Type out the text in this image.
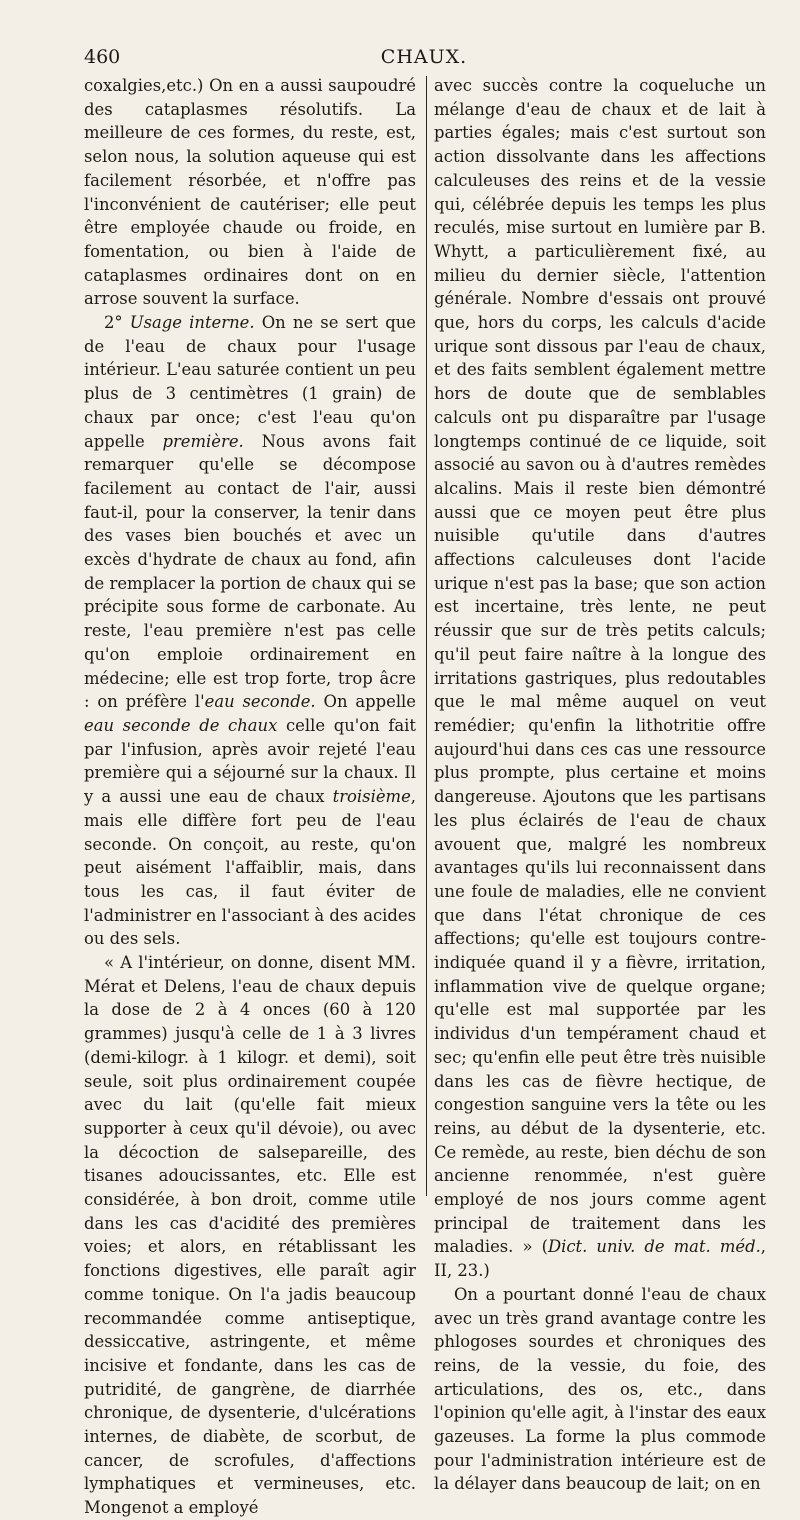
460	CHAUX.

coxalgies,etc.) On en a aussi saupoudré des cataplasmes résolutifs. La meilleure de ces formes, du reste, est, selon nous, la solution aqueuse qui est facilement résorbée, et n'offre pas l'inconvénient de cautériser; elle peut être employée chaude ou froide, en fomentation, ou bien à l'aide de cataplasmes ordinaires dont on en arrose souvent la surface.

2° Usage interne. On ne se sert que de l'eau de chaux pour l'usage intérieur. L'eau saturée contient un peu plus de 3 centimètres (1 grain) de chaux par once; c'est l'eau qu'on appelle première. Nous avons fait remarquer qu'elle se décompose facilement au contact de l'air, aussi faut-il, pour la conserver, la tenir dans des vases bien bouchés et avec un excès d'hydrate de chaux au fond, afin de remplacer la portion de chaux qui se précipite sous forme de carbonate. Au reste, l'eau première n'est pas celle qu'on emploie ordinairement en médecine; elle est trop forte, trop âcre : on préfère l'eau seconde. On appelle eau seconde de chaux celle qu'on fait par l'infusion, après avoir rejeté l'eau première qui a séjourné sur la chaux. Il y a aussi une eau de chaux troisième, mais elle diffère fort peu de l'eau seconde. On conçoit, au reste, qu'on peut aisément l'affaiblir, mais, dans tous les cas, il faut éviter de l'administrer en l'associant à des acides ou des sels.

« A l'intérieur, on donne, disent MM. Mérat et Delens, l'eau de chaux depuis la dose de 2 à 4 onces (60 à 120 grammes) jusqu'à celle de 1 à 3 livres (demi-kilogr. à 1 kilogr. et demi), soit seule, soit plus ordinairement coupée avec du lait (qu'elle fait mieux supporter à ceux qu'il dévoie), ou avec la décoction de salsepareille, des tisanes adoucissantes, etc. Elle est considérée, à bon droit, comme utile dans les cas d'acidité des premières voies; et alors, en rétablissant les fonctions digestives, elle paraît agir comme tonique. On l'a jadis beaucoup recommandée comme antiseptique, dessiccative, astringente, et même incisive et fondante, dans les cas de putridité, de gangrène, de diarrhée chronique, de dysenterie, d'ulcérations internes, de diabète, de scorbut, de cancer, de scrofules, d'affections lymphatiques et vermineuses, etc. Mongenot a employé

avec succès contre la coqueluche un mélange d'eau de chaux et de lait à parties égales; mais c'est surtout son action dissolvante dans les affections calculeuses des reins et de la vessie qui, célébrée depuis les temps les plus reculés, mise surtout en lumière par B. Whytt, a particulièrement fixé, au milieu du dernier siècle, l'attention générale. Nombre d'essais ont prouvé que, hors du corps, les calculs d'acide urique sont dissous par l'eau de chaux, et des faits semblent également mettre hors de doute que de semblables calculs ont pu disparaître par l'usage longtemps continué de ce liquide, soit associé au savon ou à d'autres remèdes alcalins. Mais il reste bien démontré aussi que ce moyen peut être plus nuisible qu'utile dans d'autres affections calculeuses dont l'acide urique n'est pas la base; que son action est incertaine, très lente, ne peut réussir que sur de très petits calculs; qu'il peut faire naître à la longue des irritations gastriques, plus redoutables que le mal même auquel on veut remédier; qu'enfin la lithotritie offre aujourd'hui dans ces cas une ressource plus prompte, plus certaine et moins dangereuse. Ajoutons que les partisans les plus éclairés de l'eau de chaux avouent que, malgré les nombreux avantages qu'ils lui reconnaissent dans une foule de maladies, elle ne convient que dans l'état chronique de ces affections; qu'elle est toujours contre-indiquée quand il y a fièvre, irritation, inflammation vive de quelque organe; qu'elle est mal supportée par les individus d'un tempérament chaud et sec; qu'enfin elle peut être très nuisible dans les cas de fièvre hectique, de congestion sanguine vers la tête ou les reins, au début de la dysenterie, etc. Ce remède, au reste, bien déchu de son ancienne renommée, n'est guère employé de nos jours comme agent principal de traitement dans les maladies. » (Dict. univ. de mat. méd., II, 23.)

On a pourtant donné l'eau de chaux avec un très grand avantage contre les phlogoses sourdes et chroniques des reins, de la vessie, du foie, des articulations, des os, etc., dans l'opinion qu'elle agit, à l'instar des eaux gazeuses. La forme la plus commode pour l'administration intérieure est de la délayer dans beaucoup de lait; on en
